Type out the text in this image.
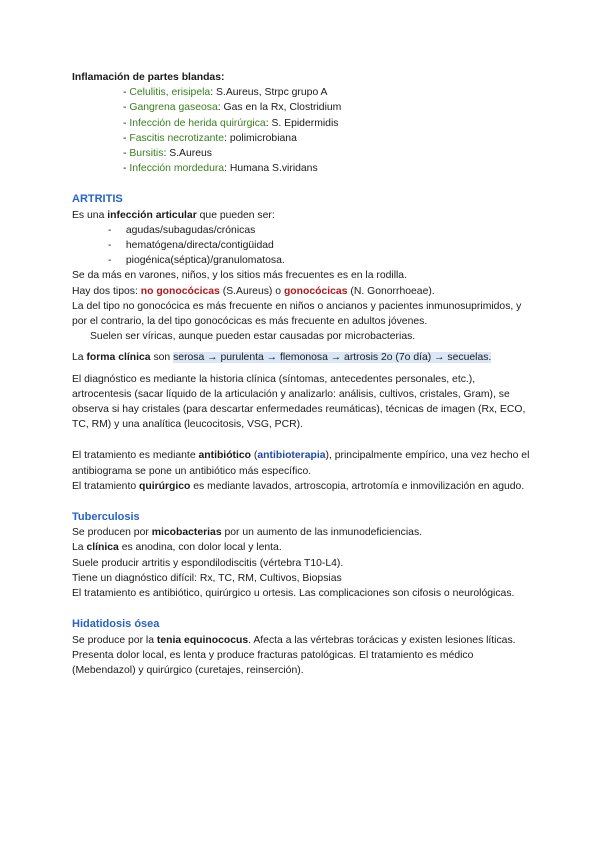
Inflamación de partes blandas:
- Celulitis, erisipela: S.Aureus, Strpc grupo A
- Gangrena gaseosa: Gas en la Rx, Clostridium
- Infección de herida quirúrgica: S. Epidermidis
- Fascitis necrotizante: polimicrobiana
- Bursitis: S.Aureus
- Infección mordedura: Humana S.viridans
ARTRITIS
Es una infección articular que pueden ser:
-     agudas/subagudas/crónicas
-     hematógena/directa/contigüidad
-     piogénica(séptica)/granulomatosa.
Se da más en varones, niños, y los sitios más frecuentes es en la rodilla.
Hay dos tipos: no gonocócicas (S.Aureus) o gonocócicas (N. Gonorrhoeae).
La del tipo no gonocócica es más frecuente en niños o ancianos y pacientes inmunosuprimidos, y por el contrario, la del tipo gonocócicas es más frecuente en adultos jóvenes.
Suelen ser víricas, aunque pueden estar causadas por microbacterias.
La forma clínica son serosa → purulenta → flemonosa → artrosis 2o (7o día) → secuelas.
El diagnóstico es mediante la historia clínica (síntomas, antecedentes personales, etc.), artrocentesis (sacar líquido de la articulación y analizarlo: análisis, cultivos, cristales, Gram), se observa si hay cristales (para descartar enfermedades reumáticas), técnicas de imagen (Rx, ECO, TC, RM) y una analítica (leucocitosis, VSG, PCR).
El tratamiento es mediante antibiótico (antibioterapia), principalmente empírico, una vez hecho el antibiograma se pone un antibiótico más específico.
El tratamiento quirúrgico es mediante lavados, artroscopia, artrotomía e inmovilización en agudo.
Tuberculosis
Se producen por micobacterias por un aumento de las inmunodeficiencias.
La clínica es anodina, con dolor local y lenta.
Suele producir artritis y espondilodiscitis (vértebra T10-L4).
Tiene un diagnóstico difícil: Rx, TC, RM, Cultivos, Biopsias
El tratamiento es antibiótico, quirúrgico u ortesis. Las complicaciones son cifosis o neurológicas.
Hidatidosis ósea
Se produce por la tenia equinococus. Afecta a las vértebras torácicas y existen lesiones líticas. Presenta dolor local, es lenta y produce fracturas patológicas. El tratamiento es médico (Mebendazol) y quirúrgico (curetajes, reinserción).
